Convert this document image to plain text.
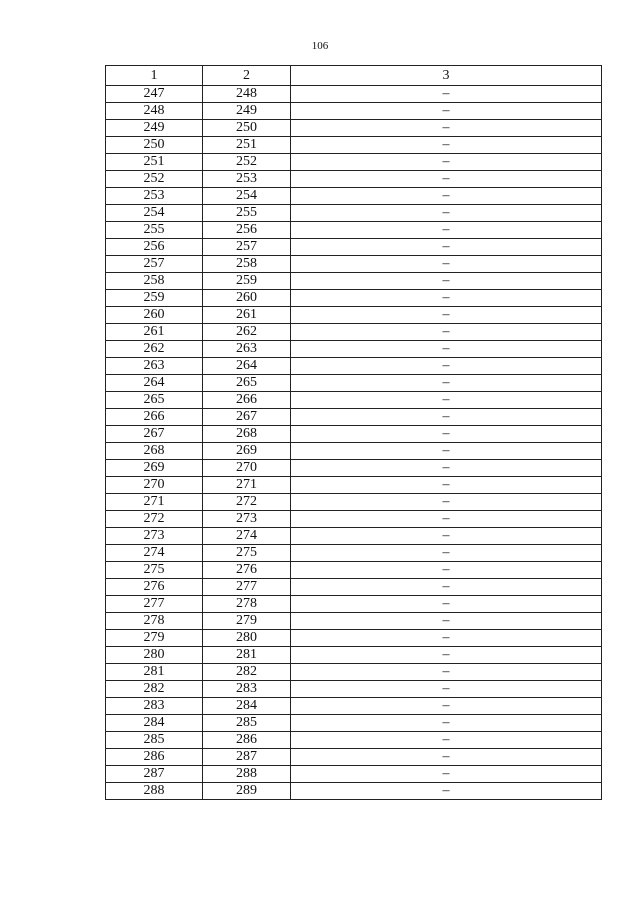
106
1	2	3
247	248	–
248	249	–
249	250	–
250	251	–
251	252	–
252	253	–
253	254	–
254	255	–
255	256	–
256	257	–
257	258	–
258	259	–
259	260	–
260	261	–
261	262	–
262	263	–
263	264	–
264	265	–
265	266	–
266	267	–
267	268	–
268	269	–
269	270	–
270	271	–
271	272	–
272	273	–
273	274	–
274	275	–
275	276	–
276	277	–
277	278	–
278	279	–
279	280	–
280	281	–
281	282	–
282	283	–
283	284	–
284	285	–
285	286	–
286	287	–
287	288	–
288	289	–
